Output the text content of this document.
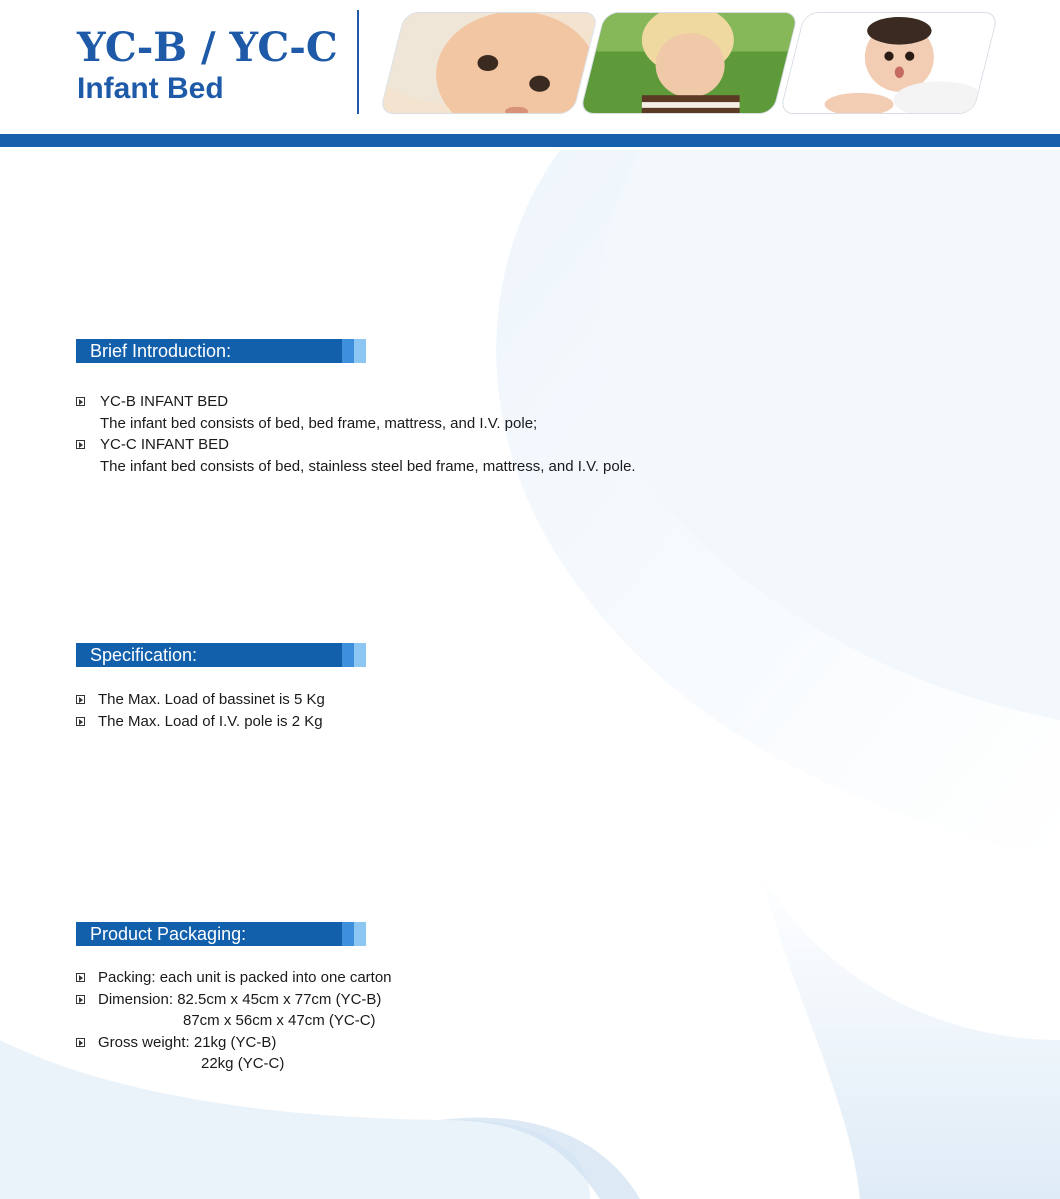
YC-B / YC-C
Infant Bed
Brief Introduction:
YC-B INFANT BED
The infant bed consists of bed, bed frame, mattress, and I.V. pole;
YC-C INFANT BED
The infant bed consists of bed, stainless steel bed frame, mattress, and I.V. pole.
Specification:
The Max. Load of bassinet is 5 Kg
The Max. Load of I.V. pole is 2 Kg
Product Packaging:
Packing: each unit is packed into one carton
Dimension: 82.5cm x 45cm x 77cm (YC-B)
87cm x 56cm x 47cm (YC-C)
Gross weight: 21kg (YC-B)
22kg (YC-C)
